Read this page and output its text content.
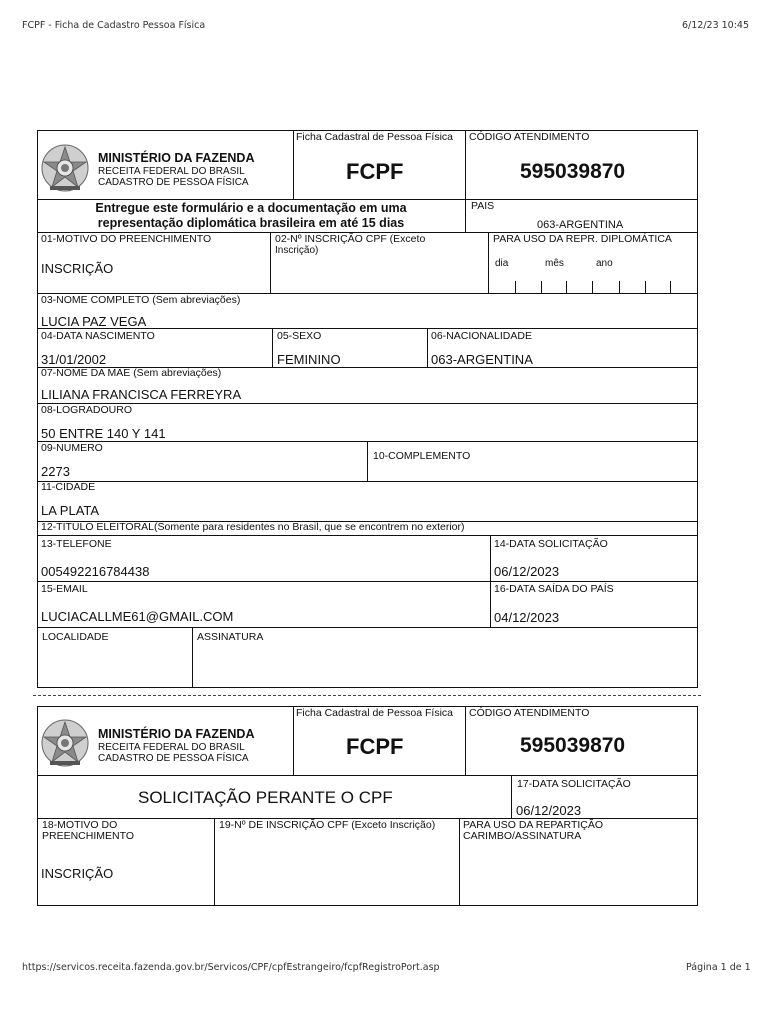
FCPF - Ficha de Cadastro Pessoa Física	6/12/23 10:45
https://servicos.receita.fazenda.gov.br/Servicos/CPF/cpfEstrangeiro/fcpfRegistroPort.asp	Página 1 de 1
MINISTÉRIO DA FAZENDA
RECEITA FEDERAL DO BRASIL
CADASTRO DE PESSOA FÍSICA
Ficha Cadastral de Pessoa Física
FCPF
CÓDIGO ATENDIMENTO
595039870
Entregue este formulário e a documentação em uma
representação diplomática brasileira em até 15 dias
PAIS
063-ARGENTINA
01-MOTIVO DO PREENCHIMENTO
INSCRIÇÃO
02-Nº INSCRIÇÃO CPF (Exceto
Inscrição)
PARA USO DA REPR. DIPLOMÁTICA
dia	mês	ano
03-NOME COMPLETO (Sem abreviações)
LUCIA PAZ VEGA
04-DATA NASCIMENTO
31/01/2002
05-SEXO
FEMININO
06-NACIONALIDADE
063-ARGENTINA
07-NOME DA MÃE (Sem abreviações)
LILIANA FRANCISCA FERREYRA
08-LOGRADOURO
50 ENTRE 140 Y 141
09-NUMERO
2273
10-COMPLEMENTO
11-CIDADE
LA PLATA
12-TITULO ELEITORAL(Somente para residentes no Brasil, que se encontrem no exterior)
13-TELEFONE
005492216784438
14-DATA SOLICITAÇÃO
06/12/2023
15-EMAIL
LUCIACALLME61@GMAIL.COM
16-DATA SAÍDA DO PAÍS
04/12/2023
LOCALIDADE	ASSINATURA
MINISTÉRIO DA FAZENDA
RECEITA FEDERAL DO BRASIL
CADASTRO DE PESSOA FÍSICA
Ficha Cadastral de Pessoa Física
FCPF
CÓDIGO ATENDIMENTO
595039870
SOLICITAÇÃO PERANTE O CPF
17-DATA SOLICITAÇÃO
06/12/2023
18-MOTIVO DO
PREENCHIMENTO
INSCRIÇÃO
19-Nº DE INSCRIÇÃO CPF (Exceto Inscrição)	PARA USO DA REPARTIÇÃO
CARIMBO/ASSINATURA
